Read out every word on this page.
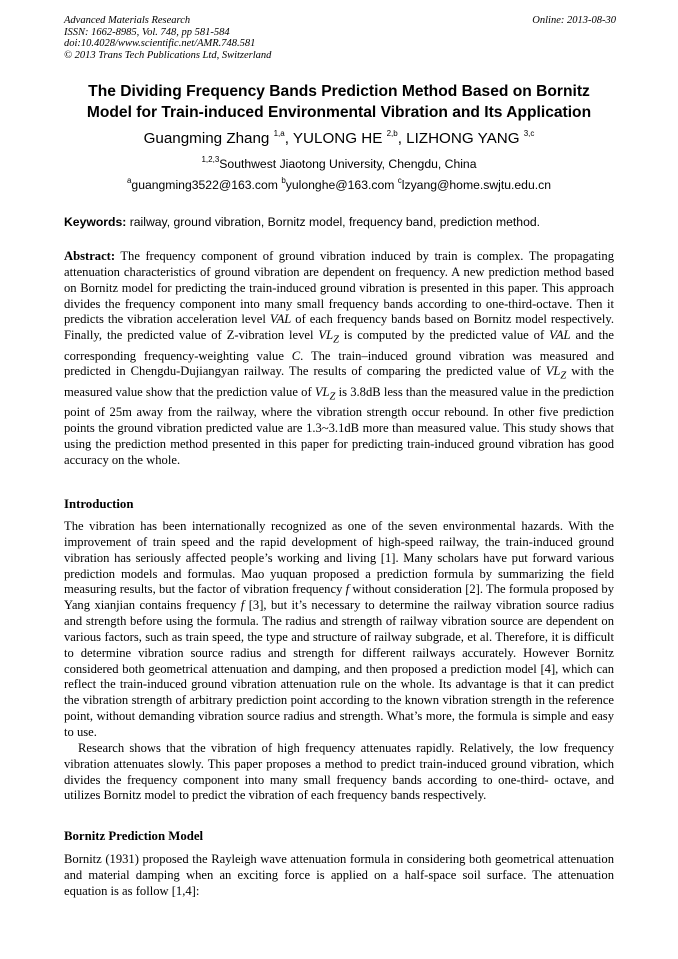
Advanced Materials Research
ISSN: 1662-8985, Vol. 748, pp 581-584
doi:10.4028/www.scientific.net/AMR.748.581
© 2013 Trans Tech Publications Ltd, Switzerland
Online: 2013-08-30
The Dividing Frequency Bands Prediction Method Based on Bornitz
Model for Train-induced Environmental Vibration and Its Application
Guangming Zhang $^{1,a}$, YULONG HE $^{2,b}$, LIZHONG YANG $^{3,c}$
$^{1,2,3}$Southwest Jiaotong University, Chengdu, China
$^a$guangming3522@163.com $^b$yulonghe@163.com $^c$lzyang@home.swjtu.edu.cn
Keywords: railway, ground vibration, Bornitz model, frequency band, prediction method.
Abstract: The frequency component of ground vibration induced by train is complex. The propagating attenuation characteristics of ground vibration are dependent on frequency. A new prediction method based on Bornitz model for predicting the train-induced ground vibration is presented in this paper. This approach divides the frequency component into many small frequency bands according to one-third-octave. Then it predicts the vibration acceleration level VAL of each frequency bands based on Bornitz model respectively. Finally, the predicted value of Z-vibration level $VL_Z$ is computed by the predicted value of VAL and the corresponding frequency-weighting value C. The train–induced ground vibration was measured and predicted in Chengdu-Dujiangyan railway. The results of comparing the predicted value of $VL_Z$ with the measured value show that the prediction value of $VL_Z$ is 3.8dB less than the measured value in the prediction point of 25m away from the railway, where the vibration strength occur rebound. In other five prediction points the ground vibration predicted value are 1.3~3.1dB more than measured value. This study shows that using the prediction method presented in this paper for predicting train-induced ground vibration has good accuracy on the whole.
Introduction

The vibration has been internationally recognized as one of the seven environmental hazards. With the improvement of train speed and the rapid development of high-speed railway, the train-induced ground vibration has seriously affected people’s working and living [1]. Many scholars have put forward various prediction models and formulas. Mao yuquan proposed a prediction formula by summarizing the field measuring results, but the factor of vibration frequency f without consideration [2]. The formula proposed by Yang xianjian contains frequency f [3], but it’s necessary to determine the railway vibration source radius and strength before using the formula. The radius and strength of railway vibration source are dependent on various factors, such as train speed, the type and structure of railway subgrade, et al. Therefore, it is difficult to determine vibration source radius and strength for different railways accurately. However Bornitz considered both geometrical attenuation and damping, and then proposed a prediction model [4], which can reflect the train-induced ground vibration attenuation rule on the whole. Its advantage is that it can predict the vibration strength of arbitrary prediction point according to the known vibration strength in the reference point, without demanding vibration source radius and strength. What’s more, the formula is simple and easy to use.

Research shows that the vibration of high frequency attenuates rapidly. Relatively, the low frequency vibration attenuates slowly. This paper proposes a method to predict train-induced ground vibration, which divides the frequency component into many small frequency bands according to one-third- octave, and utilizes Bornitz model to predict the vibration of each frequency bands respectively.

Bornitz Prediction Model
Bornitz (1931) proposed the Rayleigh wave attenuation formula in considering both geometrical attenuation and material damping when an exciting force is applied on a half-space soil surface. The attenuation equation is as follow [1,4]:
